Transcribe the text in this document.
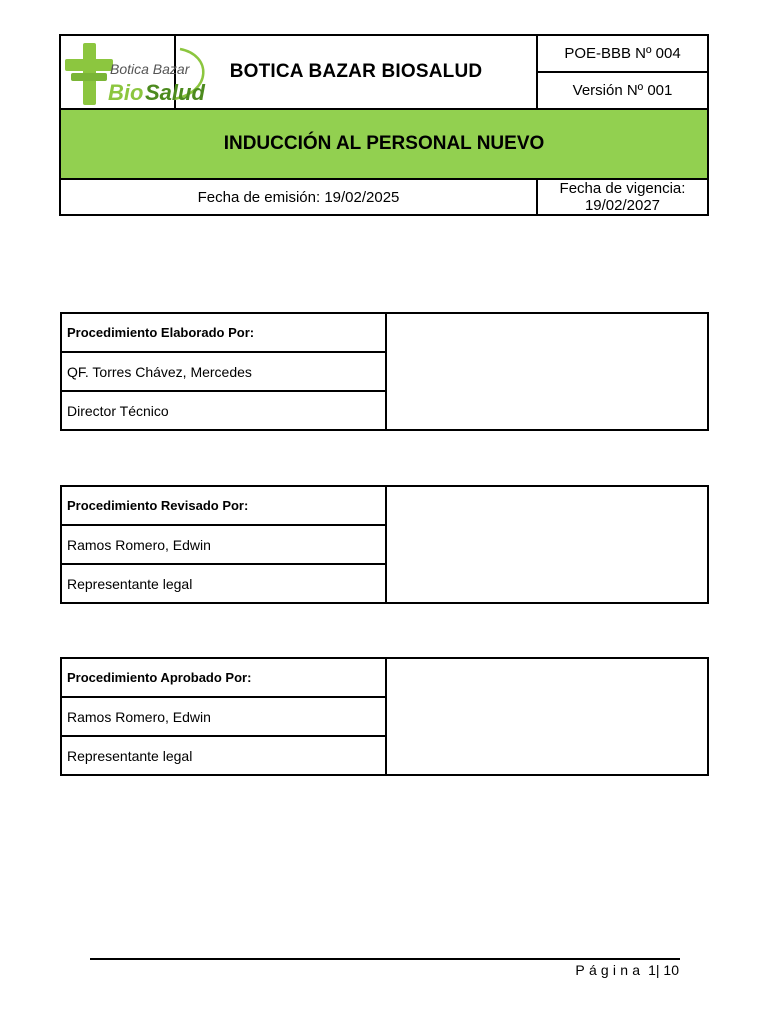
Botica Bazar
Bio Salud	BOTICA BAZAR BIOSALUD	POE-BBB Nº 004
		Versión Nº 001
INDUCCIÓN AL PERSONAL NUEVO		
Fecha de emisión: 19/02/2025		Fecha de vigencia: 19/02/2027
Procedimiento Elaborado Por:	
QF. Torres Chávez, Mercedes
Director Técnico
Procedimiento Revisado Por:	
Ramos Romero, Edwin
Representante legal
Procedimiento Aprobado Por:	
Ramos Romero, Edwin
Representante legal
Página 1| 10
